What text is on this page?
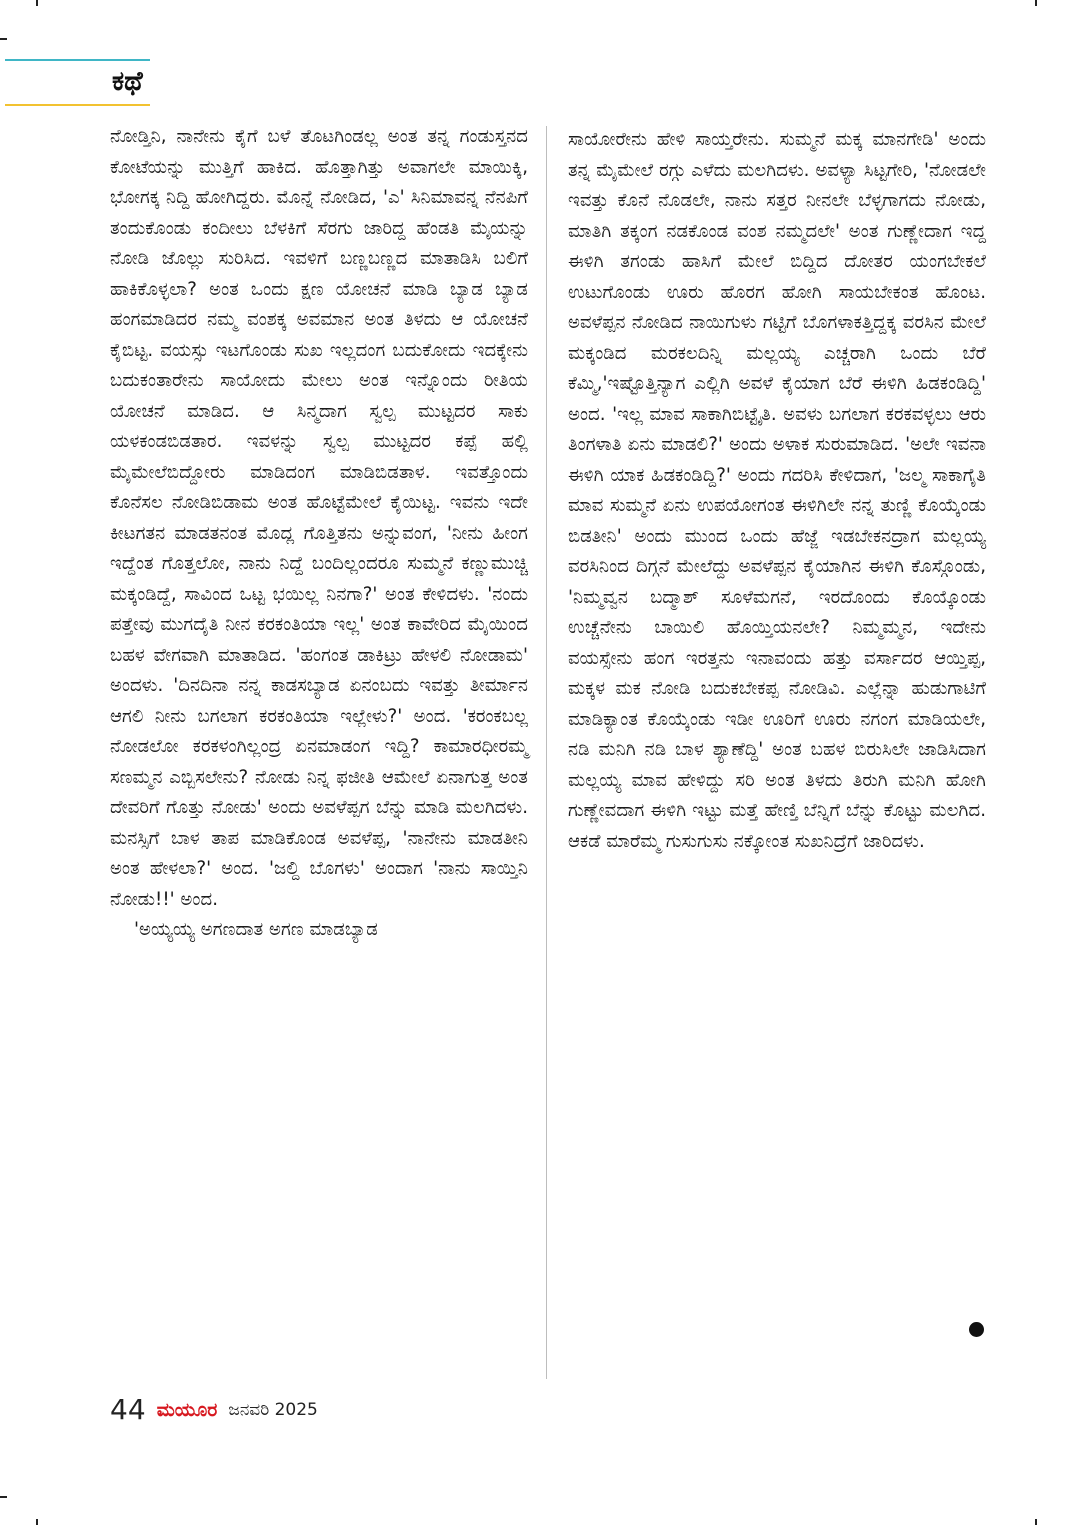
ಕಥೆ

ನೋಡ್ತಿನಿ, ನಾನೇನು ಕೈಗೆ ಬಳೆ ತೊಟಗಿಂಡಲ್ಲ ಅಂತ ತನ್ನ ಗಂಡುಸ್ತನದ ಕೋಟೆಯನ್ನು ಮುತ್ತಿಗೆ ಹಾಕಿದ. ಹೊತ್ತಾಗಿತ್ತು ಅವಾಗಲೇ ಮಾಯಿಕ್ಕಿ, ಭೋಗಕ್ಕ ನಿದ್ದಿ ಹೋಗಿದ್ದರು. ಮೊನ್ನೆ ನೋಡಿದ, 'ಎ' ಸಿನಿಮಾವನ್ನ ನೆನಪಿಗೆ ತಂದುಕೊಂಡು ಕಂದೀಲು ಬೆಳಕಿಗೆ ಸೆರಗು ಜಾರಿದ್ದ ಹೆಂಡತಿ ಮೈಯನ್ನು ನೋಡಿ ಜೊಲ್ಲು ಸುರಿಸಿದ. ಇವಳಿಗೆ ಬಣ್ಣಬಣ್ಣದ ಮಾತಾಡಿಸಿ ಬಲಿಗೆ ಹಾಕಿಕೊಳ್ಳಲಾ? ಅಂತ ಒಂದು ಕ್ಷಣ ಯೋಚನೆ ಮಾಡಿ ಬ್ಯಾಡ ಬ್ಯಾಡ ಹಂಗಮಾಡಿದರ ನಮ್ಮ ವಂಶಕ್ಕ ಅವಮಾನ ಅಂತ ತಿಳದು ಆ ಯೋಚನೆ ಕೈಬಿಟ್ಟ. ವಯಸ್ಸು ಇಟಗೊಂಡು ಸುಖ ಇಲ್ಲದಂಗ ಬದುಕೋದು ಇದಕ್ಕೇನು ಬದುಕಂತಾರೇನು ಸಾಯೋದು ಮೇಲು ಅಂತ ಇನ್ನೊಂದು ರೀತಿಯ ಯೋಚನೆ ಮಾಡಿದ. ಆ ಸಿನ್ಮದಾಗ ಸ್ವಲ್ಪ ಮುಟ್ಟದರ ಸಾಕು ಯಳಕಂಡಬಿಡತಾರ. ಇವಳನ್ನು ಸ್ವಲ್ಪ ಮುಟ್ಟದರ ಕಪ್ಪೆ ಹಲ್ಲಿ ಮೈಮೇಲೆಬಿದ್ದೋರು ಮಾಡಿದಂಗ ಮಾಡಿಬಿಡತಾಳ. ಇವತ್ತೊಂದು ಕೊನೆಸಲ ನೋಡಿಬಿಡಾಮ ಅಂತ ಹೊಟ್ಟೆಮೇಲೆ ಕೈಯಿಟ್ಟ. ಇವನು ಇದೇ ಕೀಟಗತನ ಮಾಡತನಂತ ಮೊದ್ಲ ಗೊತ್ತಿತನು ಅನ್ನುವಂಗ, 'ನೀನು ಹೀಂಗ ಇದ್ದೆಂತ ಗೊತ್ತಲೋ, ನಾನು ನಿದ್ದೆ ಬಂದಿಲ್ಲಂದರೂ ಸುಮ್ಮನೆ ಕಣ್ಣುಮುಚ್ಚಿ ಮಕ್ಕಂಡಿದ್ದೆ, ಸಾವಿಂದ ಒಟ್ಟ ಭಯಿಲ್ಲ ನಿನಗಾ?' ಅಂತ ಕೇಳಿದಳು. 'ನಂದು ಪತ್ತೇವು ಮುಗದೈತಿ ನೀನ ಕರಕಂತಿಯಾ ಇಲ್ಲ' ಅಂತ ಕಾವೇರಿದ ಮೈಯಿಂದ ಬಹಳ ವೇಗವಾಗಿ ಮಾತಾಡಿದ. 'ಹಂಗಂತ ಡಾಕಿಟ್ರು ಹೇಳಲಿ ನೋಡಾಮ' ಅಂದಳು. 'ದಿನದಿನಾ ನನ್ನ ಕಾಡಸಬ್ಯಾಡ ಏನಂಬದು ಇವತ್ತು ತೀರ್ಮಾನ ಆಗಲಿ ನೀನು ಬಗಲಾಗ ಕರಕಂತಿಯಾ ಇಲ್ಲೇಳು?' ಅಂದ. 'ಕರಂಕಬಲ್ಲ ನೋಡಲೋ ಕರಕಳಂಗಿಲ್ಲಂದ್ರ ಏನಮಾಡಂಗ ಇದ್ದಿ? ಕಾಮಾರಧೀರಮ್ಮ ಸಣಮ್ಮನ ಎಬ್ಬಿಸಲೇನು? ನೋಡು ನಿನ್ನ ಫಜೀತಿ ಆಮೇಲೆ ಏನಾಗುತ್ತ ಅಂತ ದೇವರಿಗೆ ಗೊತ್ತು ನೋಡು' ಅಂದು ಅವಳೆಪ್ಪಗ ಬೆನ್ನು ಮಾಡಿ ಮಲಗಿದಳು. ಮನಸ್ಸಿಗೆ ಬಾಳ ತಾಪ ಮಾಡಿಕೊಂಡ ಅವಳೆಪ್ಪ, 'ನಾನೇನು ಮಾಡತೀನಿ ಅಂತ ಹೇಳಲಾ?' ಅಂದ. 'ಜಲ್ದಿ ಬೊಗಳು' ಅಂದಾಗ 'ನಾನು ಸಾಯ್ತಿನಿ ನೋಡು!!' ಅಂದ.

'ಅಯ್ಯಯ್ಯ ಅಗಣದಾತ ಅಗಣ ಮಾಡಬ್ಯಾಡ

ಸಾಯೋರೇನು ಹೇಳಿ ಸಾಯ್ತರೇನು. ಸುಮ್ಮನೆ ಮಕ್ಕ ಮಾನಗೇಡಿ' ಅಂದು ತನ್ನ ಮೈಮೇಲೆ ರಗ್ಗು ಎಳೆದು ಮಲಗಿದಳು. ಅವಳ್ಯಾ ಸಿಟ್ಟಗೇರಿ, 'ನೋಡಲೇ ಇವತ್ತು ಕೊನೆ ನೊಡಲೇ, ನಾನು ಸತ್ತರ ನೀನಲೇ ಬೆಳ್ಳಗಾಗದು ನೋಡು, ಮಾತಿಗಿ ತಕ್ಕಂಗ ನಡಕೊಂಡ ವಂಶ ನಮ್ಮದಲೇ' ಅಂತ ಗುಣ್ಣೇದಾಗ ಇದ್ದ ಈಳಿಗಿ ತಗಂಡು ಹಾಸಿಗೆ ಮೇಲೆ ಬಿದ್ದಿದ ದೋತರ ಯಂಗಬೇಕಲೆ ಉಟುಗೊಂಡು ಊರು ಹೊರಗ ಹೋಗಿ ಸಾಯಬೇಕಂತ ಹೊಂಟ. ಅವಳೆಪ್ಪನ ನೋಡಿದ ನಾಯಿಗುಳು ಗಟ್ಟಿಗೆ ಬೊಗಳಾಕತ್ತಿದ್ದಕ್ಕ ವರಸಿನ ಮೇಲೆ ಮಕ್ಕಂಡಿದ ಮರಕಲದಿನ್ನಿ ಮಲ್ಲಯ್ಯ ಎಚ್ಚರಾಗಿ ಒಂದು ಬೆರೆ ಕೆಮ್ಮಿ,'ಇಷ್ಟೊತ್ತಿನ್ಯಾಗ ಎಲ್ಲಿಗಿ ಅವಳೆ ಕೈಯಾಗ ಬೆರೆ ಈಳಿಗಿ ಹಿಡಕಂಡಿದ್ದಿ' ಅಂದ. 'ಇಲ್ಲ ಮಾವ ಸಾಕಾಗಿಬಿಟ್ಟೈತಿ. ಅವಳು ಬಗಲಾಗ ಕರಕವಳ್ಳಲು ಆರು ತಿಂಗಳಾತಿ ಏನು ಮಾಡಲಿ?' ಅಂದು ಅಳಾಕ ಸುರುಮಾಡಿದ. 'ಅಲೇ ಇವನಾ ಈಳಿಗಿ ಯಾಕ ಹಿಡಕಂಡಿದ್ದಿ?' ಅಂದು ಗದರಿಸಿ ಕೇಳಿದಾಗ, 'ಜಲ್ಮ ಸಾಕಾಗೈತಿ ಮಾವ ಸುಮ್ಮನೆ ಏನು ಉಪಯೋಗಂತ ಈಳಿಗಿಲೇ ನನ್ನ ತುಣ್ಣಿ ಕೊಯ್ಕೆಂಡು ಬಿಡತೀನಿ' ಅಂದು ಮುಂದ ಒಂದು ಹೆಜ್ಜೆ ಇಡಬೇಕನದ್ರಾಗ ಮಲ್ಲಯ್ಯ ವರಸಿನಿಂದ ದಿಗ್ಗನೆ ಮೇಲೆದ್ದು ಅವಳೆಪ್ಪನ ಕೈಯಾಗಿನ ಈಳಿಗಿ ಕೊಸ್ಗೊಂಡು, 'ನಿಮ್ಮವ್ವನ ಬದ್ಮಾಶ್ ಸೂಳೆಮಗನೆ, ಇರದೊಂದು ಕೊಯ್ಕೊಂಡು ಉಚ್ಚೆನೇನು ಬಾಯಿಲಿ ಹೊಯ್ತಿಯನಲೇ? ನಿಮ್ಮಮ್ಮನ, ಇದೇನು ವಯಸ್ಸೇನು ಹಂಗ ಇರತ್ತನು ಇನಾವಂದು ಹತ್ತು ವರ್ಸಾದರ ಆಯ್ತಿಪ್ಪ, ಮಕ್ಕಳ ಮಕ ನೋಡಿ ಬದುಕಬೇಕಪ್ಪ ನೋಡಿವಿ. ಎಲ್ಲೆನ್ನಾ ಹುಡುಗಾಟಿಗೆ ಮಾಡಿಕ್ಯಾಂತ ಕೊಯ್ಕೆಂಡು ಇಡೀ ಊರಿಗೆ ಊರು ನಗಂಗ ಮಾಡಿಯಲೇ, ನಡಿ ಮನಿಗಿ ನಡಿ ಬಾಳ ಶ್ಯಾಣೆದ್ದಿ' ಅಂತ ಬಹಳ ಬಿರುಸಿಲೇ ಜಾಡಿಸಿದಾಗ ಮಲ್ಲಯ್ಯ ಮಾವ ಹೇಳಿದ್ದು ಸರಿ ಅಂತ ತಿಳದು ತಿರುಗಿ ಮನಿಗಿ ಹೋಗಿ ಗುಣ್ಣೇವದಾಗ ಈಳಿಗಿ ಇಟ್ಟು ಮತ್ತೆ ಹೇಣ್ತಿ ಬೆನ್ನಿಗೆ ಬೆನ್ನು ಕೊಟ್ಟು ಮಲಗಿದ. ಆಕಡೆ ಮಾರೆಮ್ಮ ಗುಸುಗುಸು ನಕ್ಕೋಂತ ಸುಖನಿದ್ರೆಗೆ ಜಾರಿದಳು.

44 ಮಯೂರ ಜನವರಿ 2025
